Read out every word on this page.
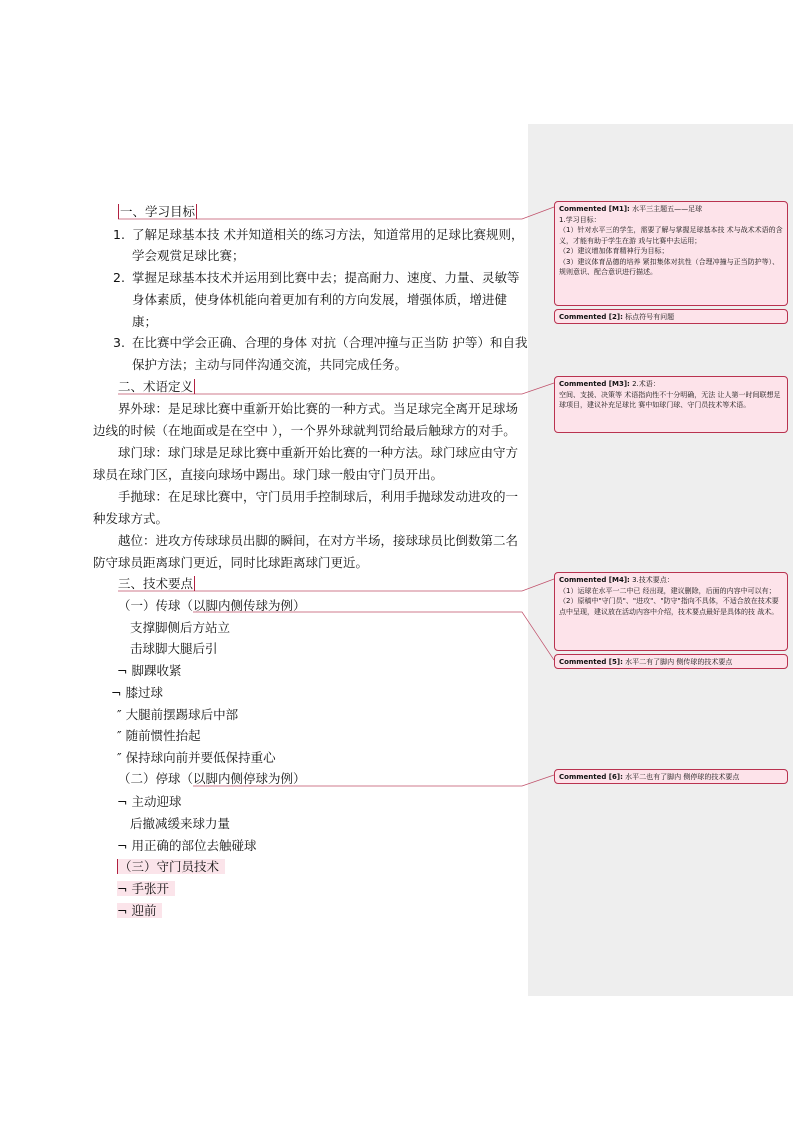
一、学习目标
1. 了解足球基本技 术并知道相关的练习方法，知道常用的足球比赛规则，
学会观赏足球比赛；
2. 掌握足球基本技术并运用到比赛中去；提高耐力、速度、力量、灵敏等
身体素质，使身体机能向着更加有利的方向发展，增强体质，增进健
康；
3. 在比赛中学会正确、合理的身体 对抗（合理冲撞与正当防 护等）和自我
保护方法；主动与同伴沟通交流，共同完成任务。
二、术语定义
界外球：是足球比赛中重新开始比赛的一种方式。当足球完全离开足球场
边线的时候（在地面或是在空中 ），一个界外球就判罚给最后触球方的对手。
球门球：球门球是足球比赛中重新开始比赛的一种方法。球门球应由守方
球员在球门区，直接向球场中踢出。球门球一般由守门员开出。
手抛球：在足球比赛中，守门员用手控制球后，利用手抛球发动进攻的一
种发球方式。
越位：进攻方传球球员出脚的瞬间，在对方半场，接球球员比倒数第二名
防守球员距离球门更近，同时比球距离球门更近。
三、技术要点
（一）传球（以脚内侧传球为例）
支撑脚侧后方站立
击球脚大腿后引
¬ 脚踝收紧
¬ 膝过球
″ 大腿前摆踢球后中部
″ 随前惯性抬起
″ 保持球向前并要低保持重心
（二）停球（以脚内侧停球为例）
¬ 主动迎球
后撤减缓来球力量
¬ 用正确的部位去触碰球
（三）守门员技术
¬ 手张开
¬ 迎前
Commented [M1]: 水平三主题五——足球
1.学习目标：
（1）针对水平三的学生，需要了解与掌握足球基本技 术与战术术语的含义，才能有助于学生在游 戏与比赛中去运用；
（2）建议增加体育精神行为目标；
（3）建议体育品德的培养 紧扣集体对抗性（合理冲撞与正当防护等）、规则意识、配合意识进行描述。
Commented [2]: 标点符号有问题
Commented [M3]: 2.术语：
空间、支援、决策等 术语指向性不十分明确，无法 让人第一时间联想足球项目，建议补充足球比 赛中如球门球、守门员技术等术语。
Commented [M4]: 3.技术要点：
（1）运球在水平一二中已 经出现，建议删除，后面的内容中可以有；
（2）原稿中"守门员"、"进攻"、"防守"指向不具体，不适合放在技术要点中呈现，建议放在活动内容中介绍，技术要点最好是具体的技 战术。
Commented [5]: 水平二有了脚内 侧传球的技术要点
Commented [6]: 水平二也有了脚内 侧停球的技术要点
